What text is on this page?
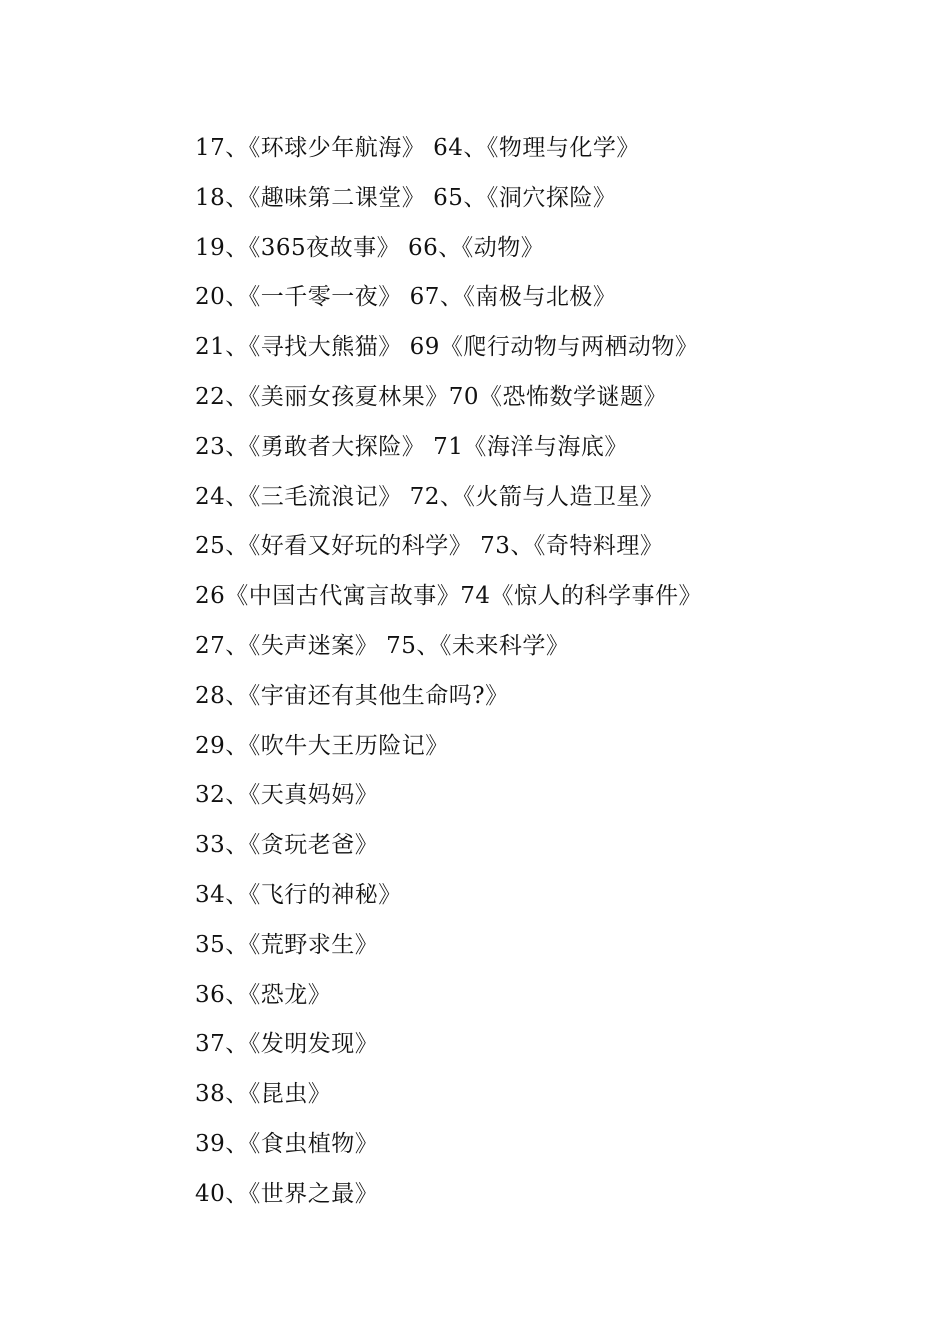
17、《环球少年航海》 64、《物理与化学》
18、《趣味第二课堂》 65、《洞穴探险》
19、《365夜故事》 66、《动物》
20、《一千零一夜》 67、《南极与北极》
21、《寻找大熊猫》 69《爬行动物与两栖动物》
22、《美丽女孩夏林果》70《恐怖数学谜题》
23、《勇敢者大探险》 71《海洋与海底》
24、《三毛流浪记》 72、《火箭与人造卫星》
25、《好看又好玩的科学》 73、《奇特料理》
26《中国古代寓言故事》74《惊人的科学事件》
27、《失声迷案》 75、《未来科学》
28、《宇宙还有其他生命吗?》
29、《吹牛大王历险记》
32、《天真妈妈》
33、《贪玩老爸》
34、《飞行的神秘》
35、《荒野求生》
36、《恐龙》
37、《发明发现》
38、《昆虫》
39、《食虫植物》
40、《世界之最》
